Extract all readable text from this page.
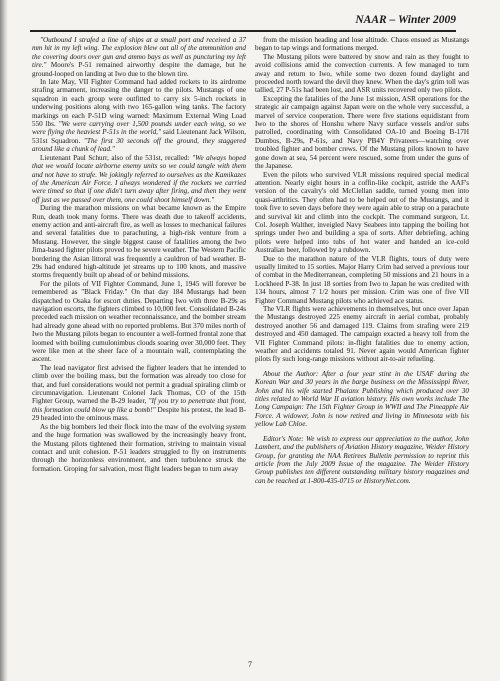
NAAR – Winter 2009

"Outbound I strafed a line of ships at a small port and received a 37 mm hit in my left wing. The explosion blew out all of the ammunition and the covering doors over gun and ammo bays as well as puncturing my left tire." Moore's P-51 remained airworthy despite the damage, but he ground-looped on landing at Iwo due to the blown tire.

In late May, VII Fighter Command had added rockets to its airdrome strafing armament, increasing the danger to the pilots. Mustangs of one squadron in each group were outfitted to carry six 5-inch rockets in underwing positions along with two 165-gallon wing tanks. The factory markings on each P-51D wing warned: Maximum External Wing Load 550 lbs. "We were carrying over 1,500 pounds under each wing, so we were flying the heaviest P-51s in the world," said Lieutenant Jack Wilson, 531st Squadron. "The first 30 seconds off the ground, they staggered around like a chunk of lead."

Lieutenant Paul Schurr, also of the 531st, recalled: "We always hoped that we would locate airborne enemy units so we could tangle with them and not have to strafe. We jokingly referred to ourselves as the Kamikazes of the American Air Force. I always wondered if the rockets we carried were timed so that if one didn't turn away after firing, and then they went off just as we passed over them, one could shoot himself down."

During the marathon missions on what became known as the Empire Run, death took many forms. There was death due to takeoff accidents, enemy action and anti-aircraft fire, as well as losses to mechanical failures and several fatalities due to parachuting, a high-risk venture from a Mustang. However, the single biggest cause of fatalities among the Iwo Jima-based fighter pilots proved to be severe weather. The Western Pacific bordering the Asian littoral was frequently a cauldron of bad weather. B-29s had endured high-altitude jet streams up to 100 knots, and massive storms frequently built up ahead of or behind missions.

For the pilots of VII Fighter Command, June 1, 1945 will forever be remembered as "Black Friday." On that day 184 Mustangs had been dispatched to Osaka for escort duties. Departing Iwo with three B-29s as navigation escorts, the fighters climbed to 10,000 feet. Consolidated B-24s preceded each mission on weather reconnaissance, and the bomber stream had already gone ahead with no reported problems. But 370 miles north of Iwo the Mustang pilots began to encounter a well-formed frontal zone that loomed with boiling cumulonimbus clouds soaring over 30,000 feet. They were like men at the sheer face of a mountain wall, contemplating the ascent.

The lead navigator first advised the fighter leaders that he intended to climb over the boiling mass, but the formation was already too close for that, and fuel considerations would not permit a gradual spiraling climb or circumnavigation. Lieutenant Colonel Jack Thomas, CO of the 15th Fighter Group, warned the B-29 leader, "If you try to penetrate that front, this formation could blow up like a bomb!" Despite his protest, the lead B-29 headed into the ominous mass.

As the big bombers led their flock into the maw of the evolving system and the huge formation was swallowed by the increasingly heavy front, the Mustang pilots tightened their formation, striving to maintain visual contact and unit cohesion. P-51 leaders struggled to fly on instruments through the horizonless environment, and then turbulence struck the formation. Groping for salvation, most flight leaders began to turn away

from the mission heading and lose altitude. Chaos ensued as Mustangs began to tap wings and formations merged.

The Mustang pilots were battered by snow and rain as they fought to avoid collisions amid the convection currents. A few managed to turn away and return to Iwo, while some two dozen found daylight and proceeded north toward the devil they knew. When the day's grim toll was tallied, 27 P-51s had been lost, and ASR units recovered only two pilots.

Excepting the fatalities of the June 1st mission, ASR operations for the strategic air campaign against Japan were on the whole very successful, a marvel of service cooperation. There were five stations equidistant from Iwo to the shores of Honshu where Navy surface vessels and/or subs patrolled, coordinating with Consolidated OA-10 and Boeing B-17H Dumbos, B-29s, P-61s, and Navy PB4Y Privateers—watching over troubled fighter and bomber crews. Of the Mustang pilots known to have gone down at sea, 54 percent were rescued, some from under the guns of the Japanese.

Even the pilots who survived VLR missions required special medical attention. Nearly eight hours in a coffin-like cockpit, astride the AAF's version of the cavalry's old McClellan saddle, turned young men into quasi-arthritics. They often had to be helped out of the Mustangs, and it took five to seven days before they were again able to strap on a parachute and survival kit and climb into the cockpit. The command surgeon, Lt. Col. Joseph Walther, inveigled Navy Seabees into tapping the boiling hot springs under Iwo and building a spa of sorts. After debriefing, aching pilots were helped into tubs of hot water and handed an ice-cold Australian beer, followed by a rubdown.

Due to the marathon nature of the VLR flights, tours of duty were usually limited to 15 sorties. Major Harry Crim had served a previous tour of combat in the Mediterranean, completing 50 missions and 21 hours in a Lockheed P-38. In just 18 sorties from Iwo to Japan he was credited with 134 hours, almost 7 1/2 hours per mission. Crim was one of five VII Fighter Command Mustang pilots who achieved ace status.

The VLR flights were achievements in themselves, but once over Japan the Mustangs destroyed 225 enemy aircraft in aerial combat, probably destroyed another 56 and damaged 119. Claims from strafing were 219 destroyed and 450 damaged. The campaign exacted a heavy toll from the VII Fighter Command pilots: in-flight fatalities due to enemy action, weather and accidents totaled 91. Never again would American fighter pilots fly such long-range missions without air-to-air refueling.

About the Author: After a four year stint in the USAF during the Korean War and 30 years in the barge business on the Mississippi River, John and his wife started Phalanx Publishing which produced over 30 titles related to World War II aviation history. His own works include The Long Campaign: The 15th Fighter Group in WWII and The Pineapple Air Force. A widower, John is now retired and living in Minnesota with his yellow Lab Chloe.

Editor's Note: We wish to express our appreciation to the author, John Lambert, and the publishers of Aviation History magazine, Weider History Group, for granting the NAA Retirees Bulletin permission to reprint this article from the July 2009 Issue of the magazine. The Weider History Group publishes ten different outstanding military history magazines and can be reached at 1-800-435-0715 or HistoryNet.com.

7
